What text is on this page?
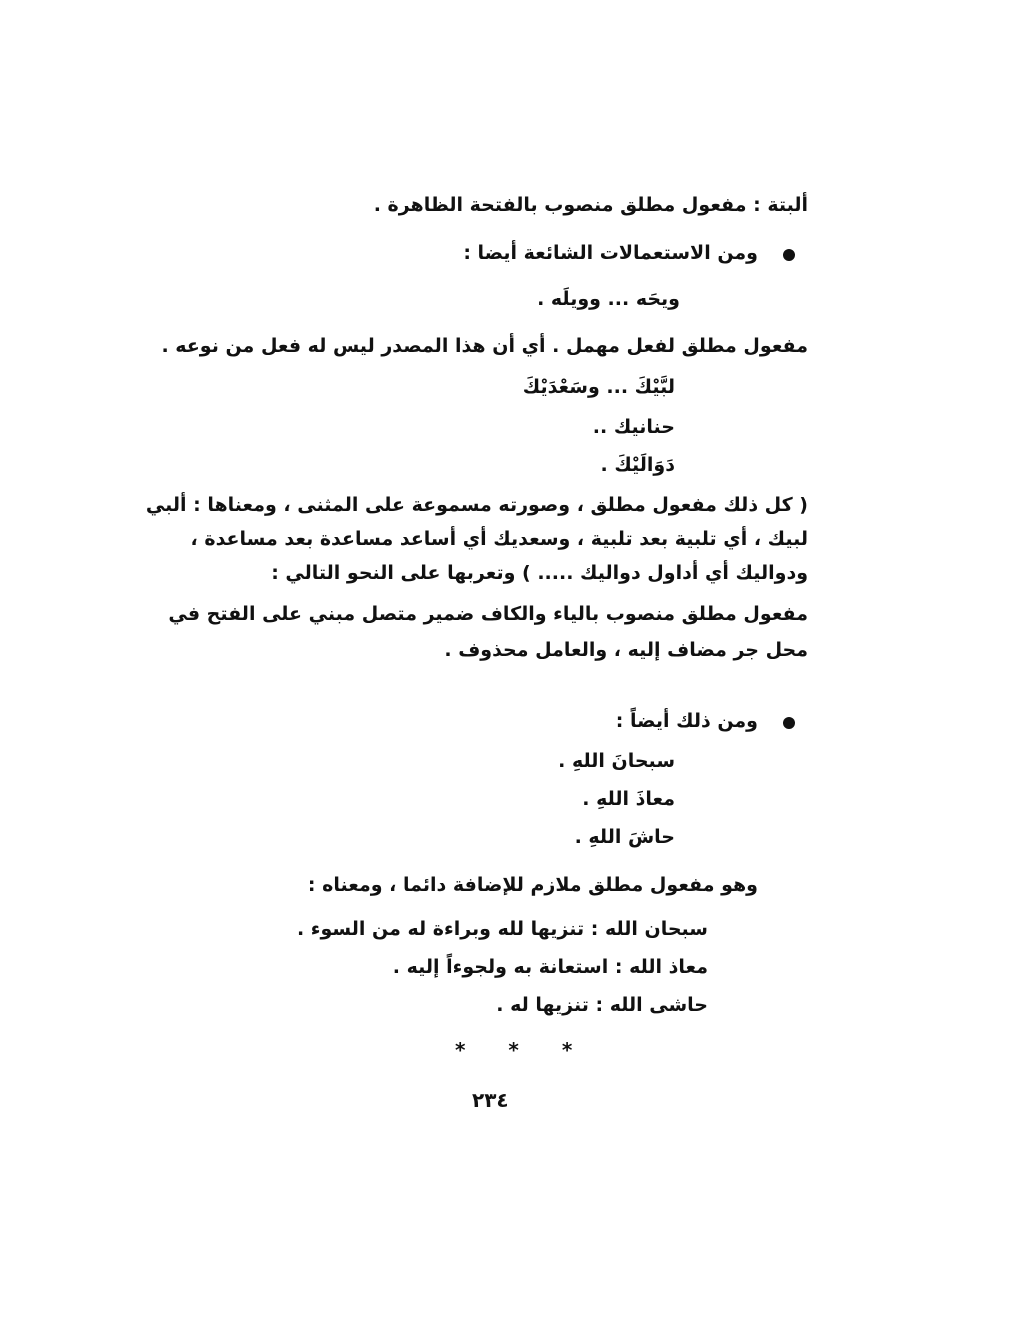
ألبتة : مفعول مطلق منصوب بالفتحة الظاهرة .
ومن الاستعمالات الشائعة أيضا :
ويحَه ... وويلَه .
مفعول مطلق لفعل مهمل . أي أن هذا المصدر ليس له فعل من نوعه .
لبَّيْكَ ... وسَعْدَيْكَ
حنانيك ..
دَوَالَيْكَ .
( كل ذلك مفعول مطلق ، وصورته مسموعة على المثنى ، ومعناها : ألبي
لبيك ، أي تلبية بعد تلبية ، وسعديك أي أساعد مساعدة بعد مساعدة ،
ودواليك أي أداول دواليك ..... ) وتعربها على النحو التالي :
مفعول مطلق منصوب بالياء والكاف ضمير متصل مبني على الفتح في
محل جر مضاف إليه ، والعامل محذوف .
ومن ذلك أيضاً :
سبحانَ اللهِ .
معاذَ اللهِ .
حاشَ اللهِ .
وهو مفعول مطلق ملازم للإضافة دائما ، ومعناه :
سبحان الله : تنزيها لله وبراءة له من السوء .
معاذ الله : استعانة به ولجوءاً إليه .
حاشى الله : تنزيها له .
* * *
٢٣٤
